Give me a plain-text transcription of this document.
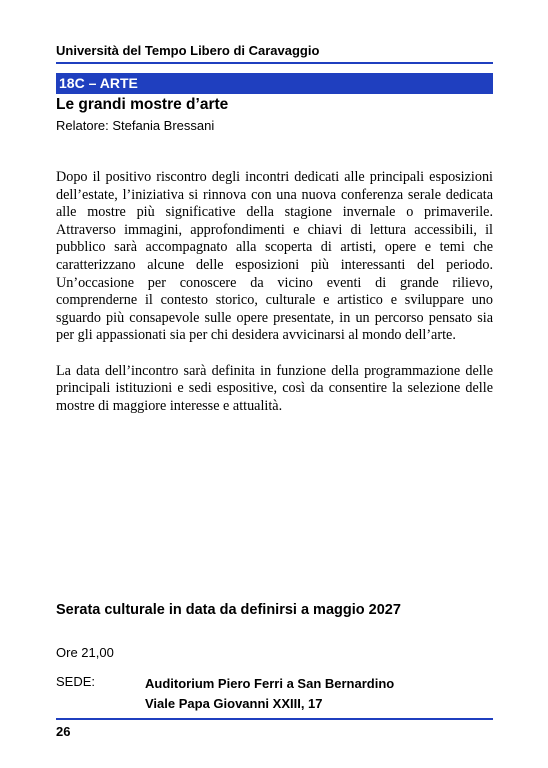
Università del Tempo Libero di Caravaggio
18C – ARTE
Le grandi mostre d’arte
Relatore: Stefania Bressani

Dopo il positivo riscontro degli incontri dedicati alle principali esposizioni dell’estate, l’iniziativa si rinnova con una nuova conferenza serale dedicata alle mostre più significative della stagione invernale o primaverile. Attraverso immagini, approfondimenti e chiavi di lettura accessibili, il pubblico sarà accompagnato alla scoperta di artisti, opere e temi che caratterizzano alcune delle esposizioni più interessanti del periodo. Un’occasione per conoscere da vicino eventi di grande rilievo, comprenderne il contesto storico, culturale e artistico e sviluppare uno sguardo più consapevole sulle opere presentate, in un percorso pensato sia per gli appassionati sia per chi desidera avvicinarsi al mondo dell’arte.

La data dell’incontro sarà definita in funzione della programmazione delle principali istituzioni e sedi espositive, così da consentire la selezione delle mostre di maggiore interesse e attualità.

Serata culturale in data da definirsi a maggio 2027
Ore 21,00
SEDE:	Auditorium Piero Ferri a San Bernardino
Viale Papa Giovanni XXIII, 17
26
